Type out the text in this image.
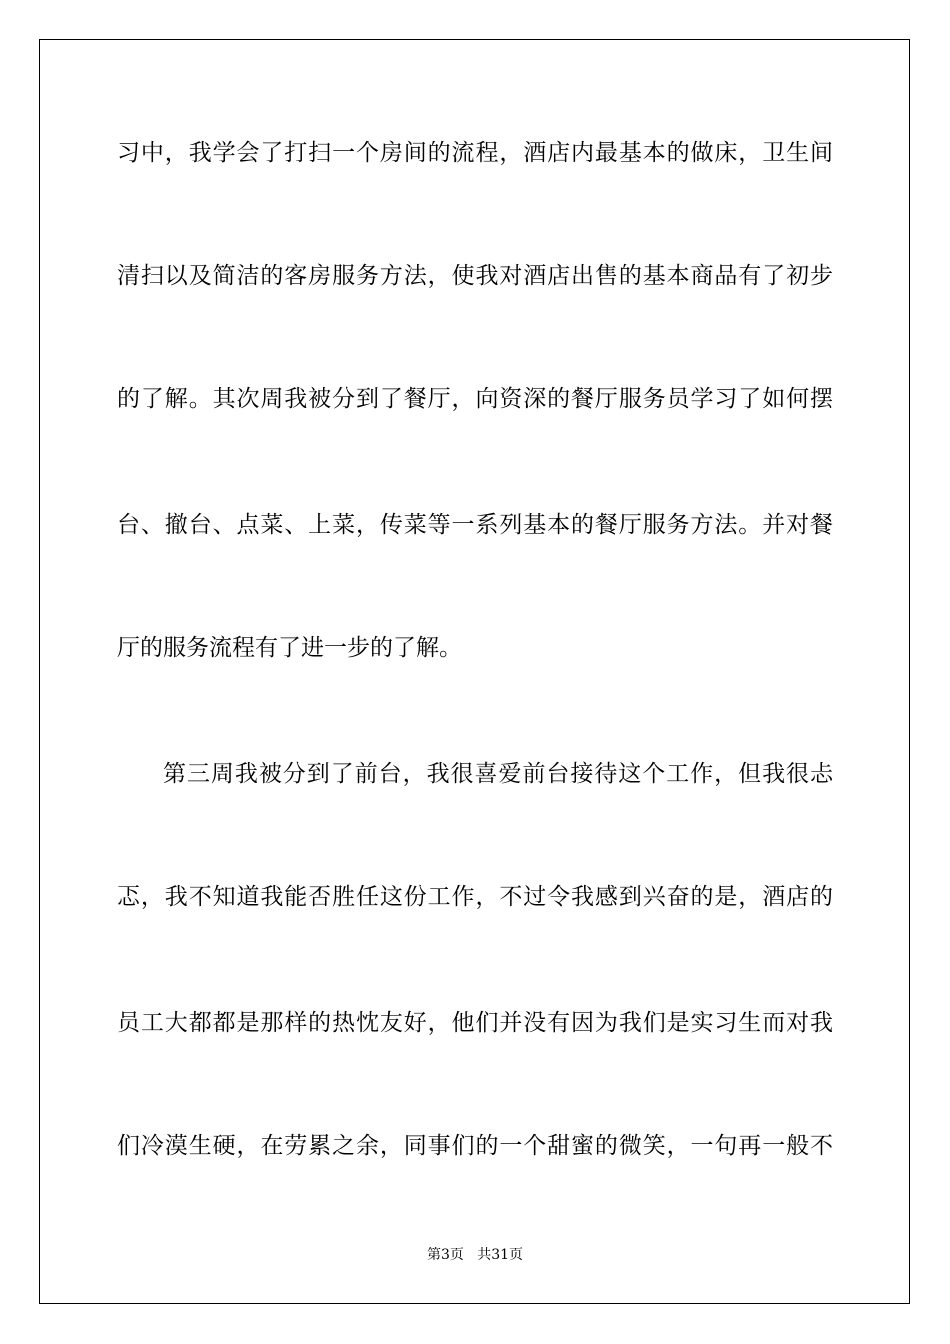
习中，我学会了打扫一个房间的流程，酒店内最基本的做床，卫生间
清扫以及简洁的客房服务方法，使我对酒店出售的基本商品有了初步
的了解。其次周我被分到了餐厅，向资深的餐厅服务员学习了如何摆
台、撤台、点菜、上菜，传菜等一系列基本的餐厅服务方法。并对餐
厅的服务流程有了进一步的了解。
第三周我被分到了前台，我很喜爱前台接待这个工作，但我很忐
忑，我不知道我能否胜任这份工作，不过令我感到兴奋的是，酒店的
员工大都都是那样的热忱友好，他们并没有因为我们是实习生而对我
们冷漠生硬，在劳累之余，同事们的一个甜蜜的微笑，一句再一般不
第3页   共31页
